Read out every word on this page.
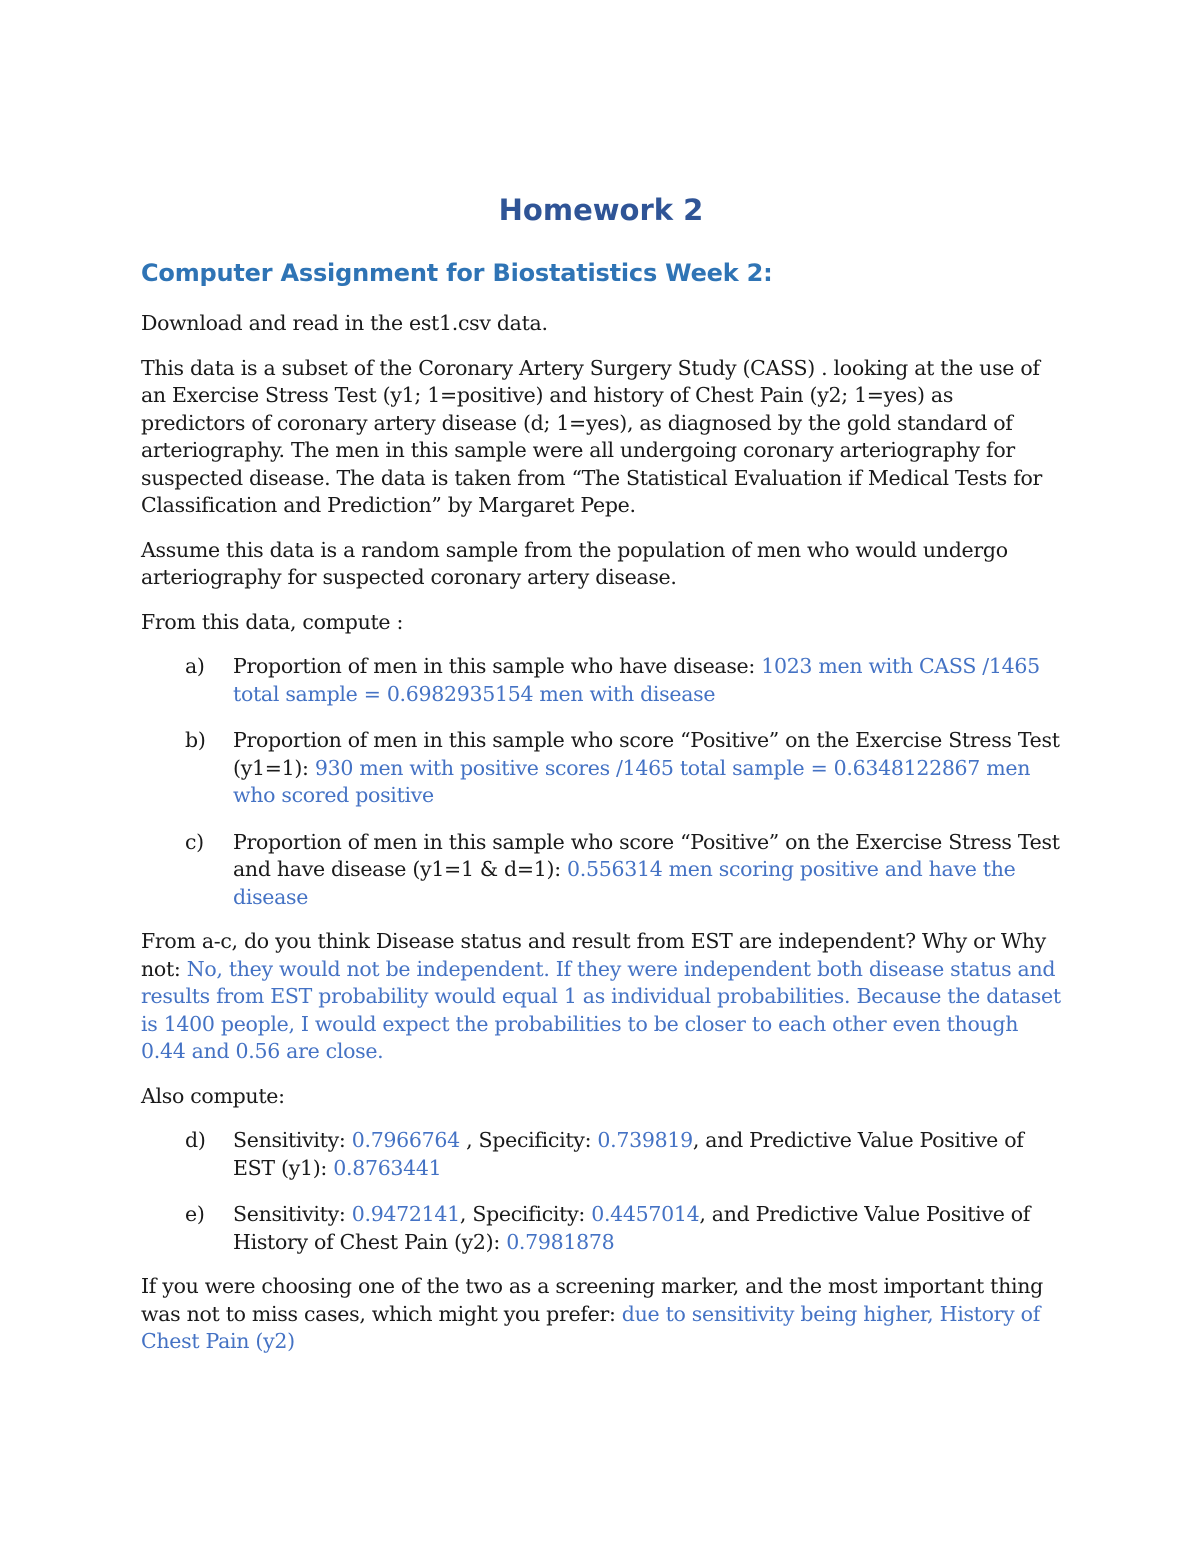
Homework 2
Computer Assignment for Biostatistics Week 2:

Download and read in the est1.csv data.

This data is a subset of the Coronary Artery Surgery Study (CASS) . looking at the use of an Exercise Stress Test (y1; 1=positive) and history of Chest Pain (y2; 1=yes) as predictors of coronary artery disease (d; 1=yes), as diagnosed by the gold standard of arteriography. The men in this sample were all undergoing coronary arteriography for suspected disease. The data is taken from “The Statistical Evaluation if Medical Tests for Classification and Prediction” by Margaret Pepe.

Assume this data is a random sample from the population of men who would undergo arteriography for suspected coronary artery disease.

From this data, compute :

a) Proportion of men in this sample who have disease: 1023 men with CASS /1465 total sample = 0.6982935154 men with disease
b) Proportion of men in this sample who score “Positive” on the Exercise Stress Test (y1=1): 930 men with positive scores /1465 total sample = 0.6348122867 men who scored positive
c) Proportion of men in this sample who score “Positive” on the Exercise Stress Test and have disease (y1=1 & d=1): 0.556314 men scoring positive and have the disease

From a-c, do you think Disease status and result from EST are independent? Why or Why not: No, they would not be independent. If they were independent both disease status and results from EST probability would equal 1 as individual probabilities. Because the dataset is 1400 people, I would expect the probabilities to be closer to each other even though 0.44 and 0.56 are close.

Also compute:

d) Sensitivity: 0.7966764 , Specificity: 0.739819, and Predictive Value Positive of EST (y1): 0.8763441
e) Sensitivity: 0.9472141, Specificity: 0.4457014, and Predictive Value Positive of History of Chest Pain (y2): 0.7981878

If you were choosing one of the two as a screening marker, and the most important thing was not to miss cases, which might you prefer: due to sensitivity being higher, History of Chest Pain (y2)
